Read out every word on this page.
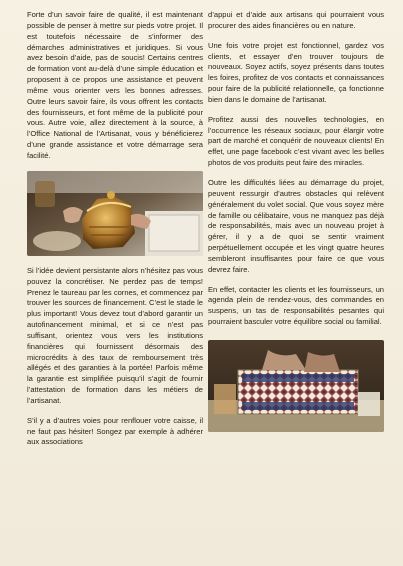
Forte d’un savoir faire de qualité, il est maintenant possible de penser à mettre sur pieds votre projet. Il est toutefois nécessaire de s’informer des démarches administratives et juridiques. Si vous avez besoin d’aide, pas de soucis! Certains centres de formation vont au-delà d’une simple éducation et proposent à ce propos une assistance et peuvent même vous orienter vers les bonnes adresses. Outre leurs savoir faire, ils vous offrent les contacts des fournisseurs, et font même de la publicité pour vous. Autre voie, allez directement à la source, à l’Office National de l’Artisanat, vous y bénéficierez d’une grande assistance et votre démarrage sera facilité.

Si l’idée devient persistante alors n’hésitez pas vous pouvez la concrétiser. Ne perdez pas de temps! Prenez le taureau par les cornes, et commencez par trouver les sources de financement. C’est le stade le plus important! Vous devez tout d’abord garantir un autofinancement minimal, et si ce n’est pas suffisant, orientez vous vers les institutions financières qui fournissent désormais des microcrédits à des taux de remboursement très allégés et des garanties à la portée! Parfois même la garantie est simplifiée puisqu’il s’agit de fournir l’attestation de formation dans les métiers de l’artisanat.

S’il y a d’autres voies pour renflouer votre caisse, il ne faut pas hésiter! Songez par exemple à adhérer aux associations

d’appui et d’aide aux artisans qui pourraient vous procurer des aides financières ou en nature.

Une fois votre projet est fonctionnel, gardez vos clients, et essayer d’en trouver toujours de nouveaux. Soyez actifs, soyez présents dans toutes les foires, profitez de vos contacts et connaissances pour faire de la publicité relationnelle, ça fonctionne bien dans le domaine de l’artisanat.

Profitez aussi des nouvelles technologies, en l’occurrence les réseaux sociaux, pour élargir votre part de marché et conquérir de nouveaux clients! En effet, une page facebook c’est vivant avec les belles photos de vos produits peut faire des miracles.

Outre les difficultés liées au démarrage du projet, peuvent ressurgir d’autres obstacles qui relèvent généralement du volet social. Que vous soyez mère de famille ou célibataire, vous ne manquez pas déjà de responsabilités, mais avec un nouveau projet à gérer, il y a de quoi se sentir vraiment perpétuellement occupée et les vingt quatre heures sembleront insuffisantes pour faire ce que vous devrez faire.

En effet, contacter les clients et les fournisseurs, un agenda plein de rendez-vous, des commandes en suspens, un tas de responsabilités pesantes qui pourraient basculer votre équilibre social ou familial.
